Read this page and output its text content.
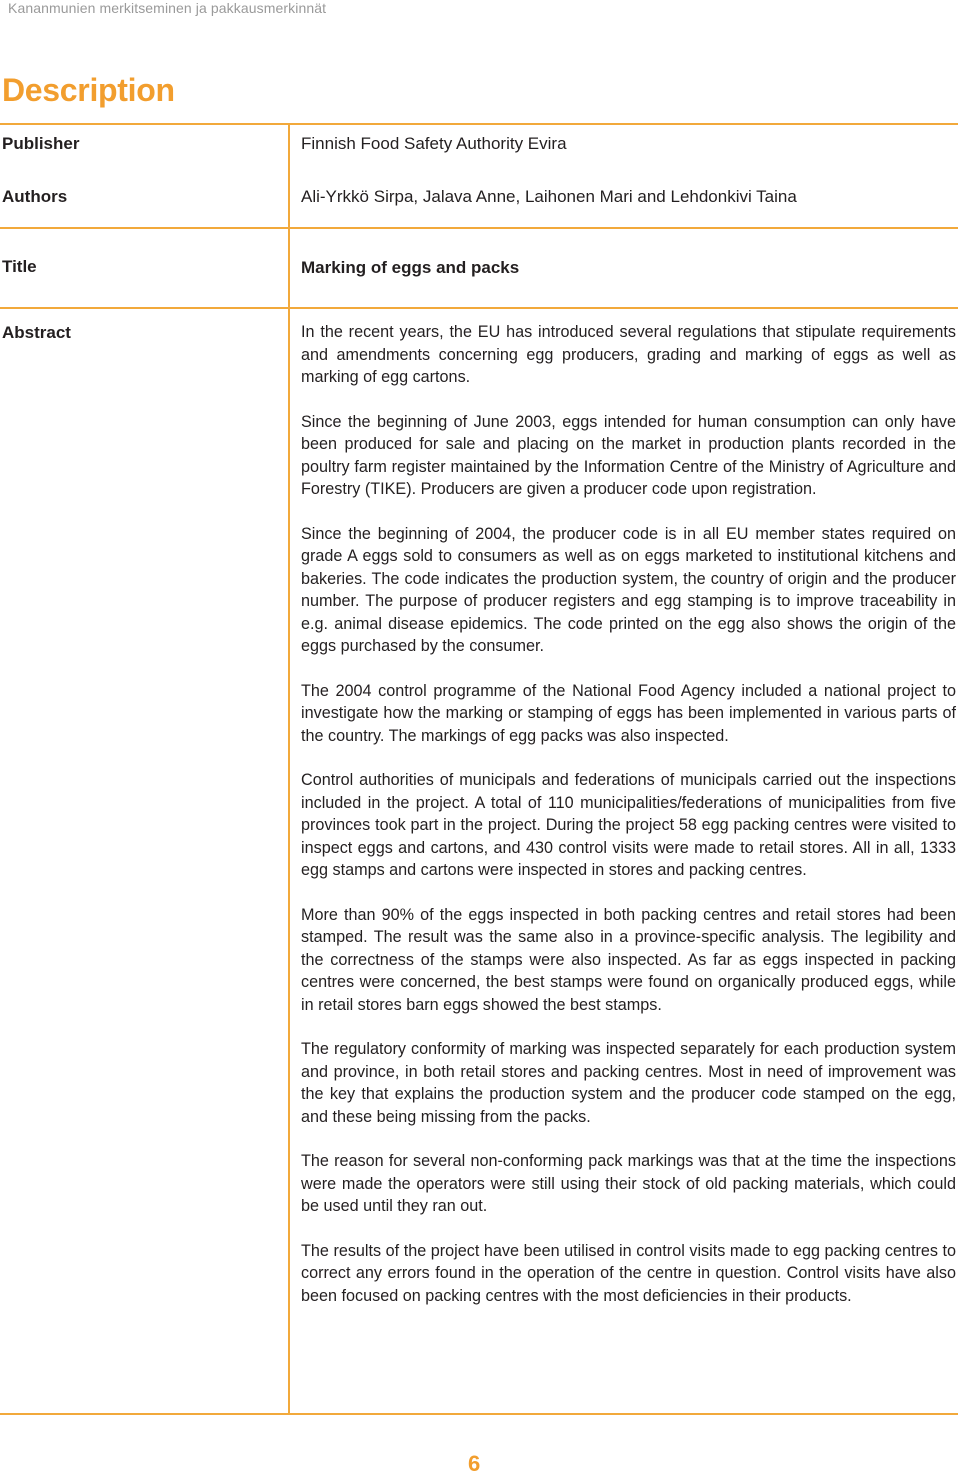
Kananmunien merkitseminen ja pakkausmerkinnät
Description
Publisher	Finnish Food Safety Authority Evira
Authors	Ali-Yrkkö Sirpa, Jalava Anne, Laihonen Mari and Lehdonkivi Taina
Title	Marking of eggs and packs
Abstract	In the recent years, the EU has introduced several regulations that stipulate requirements and amendments concerning egg producers, grading and marking of eggs as well as marking of egg cartons.

Since the beginning of June 2003, eggs intended for human consumption can only have been produced for sale and placing on the market in production plants recorded in the poultry farm register maintained by the Information Centre of the Ministry of Agriculture and Forestry (TIKE). Producers are given a producer code upon registration.

Since the beginning of 2004, the producer code is in all EU member states required on grade A eggs sold to consumers as well as on eggs marketed to institutional kitchens and bakeries. The code indicates the production system, the country of origin and the producer number. The purpose of producer registers and egg stamping is to improve traceability in e.g. animal disease epidemics. The code printed on the egg also shows the origin of the eggs purchased by the consumer.

The 2004 control programme of the National Food Agency included a national project to investigate how the marking or stamping of eggs has been implemented in various parts of the country. The markings of egg packs was also inspected.

Control authorities of municipals and federations of municipals carried out the inspections included in the project. A total of 110 municipalities/federations of municipalities from five provinces took part in the project. During the project 58 egg packing centres were visited to inspect eggs and cartons, and 430 control visits were made to retail stores. All in all, 1333 egg stamps and cartons were inspected in stores and packing centres.

More than 90% of the eggs inspected in both packing centres and retail stores had been stamped. The result was the same also in a province-specific analysis. The legibility and the correctness of the stamps were also inspected. As far as eggs inspected in packing centres were concerned, the best stamps were found on organically produced eggs, while in retail stores barn eggs showed the best stamps.

The regulatory conformity of marking was inspected separately for each production system and province, in both retail stores and packing centres. Most in need of improvement was the key that explains the production system and the producer code stamped on the egg, and these being missing from the packs.

The reason for several non-conforming pack markings was that at the time the inspections were made the operators were still using their stock of old packing materials, which could be used until they ran out.

The results of the project have been utilised in control visits made to egg packing centres to correct any errors found in the operation of the centre in question. Control visits have also been focused on packing centres with the most deficiencies in their products.

6
